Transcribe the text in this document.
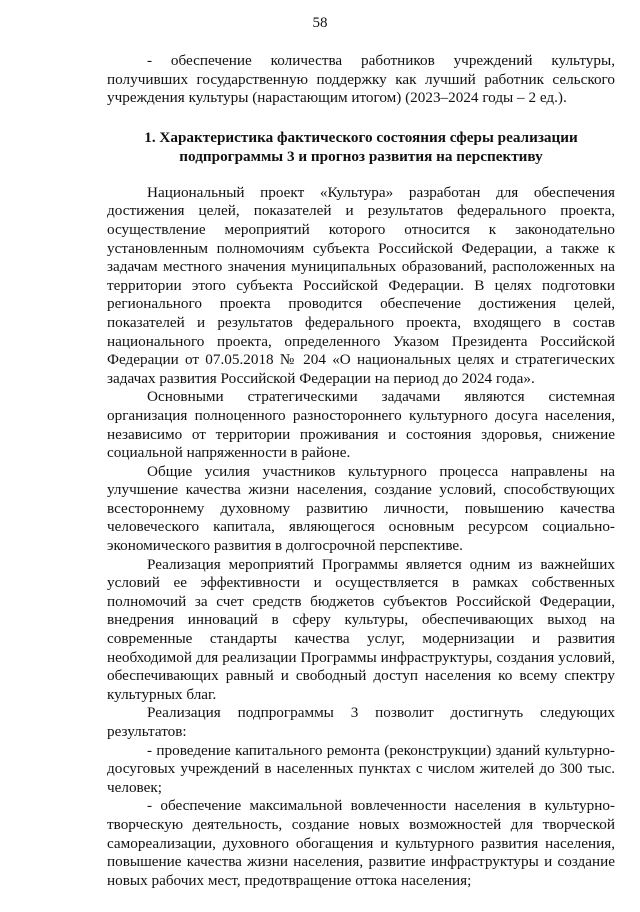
58

- обеспечение количества работников учреждений культуры, получивших государственную поддержку как лучший работник сельского учреждения культуры (нарастающим итогом) (2023–2024 годы – 2 ед.).

1. Характеристика фактического состояния сферы реализации
подпрограммы 3 и прогноз развития на перспективу

Национальный проект «Культура» разработан для обеспечения достижения целей, показателей и результатов федерального проекта, осуществление мероприятий которого относится к законодательно установленным полномочиям субъекта Российской Федерации, а также к задачам местного значения муниципальных образований, расположенных на территории этого субъекта Российской Федерации. В целях подготовки регионального проекта проводится обеспечение достижения целей, показателей и результатов федерального проекта, входящего в состав национального проекта, определенного Указом Президента Российской Федерации от 07.05.2018 № 204 «О национальных целях и стратегических задачах развития Российской Федерации на период до 2024 года».

Основными стратегическими задачами являются системная организация полноценного разностороннего культурного досуга населения, независимо от территории проживания и состояния здоровья, снижение социальной напряженности в районе.

Общие усилия участников культурного процесса направлены на улучшение качества жизни населения, создание условий, способствующих всестороннему духовному развитию личности, повышению качества человеческого капитала, являющегося основным ресурсом социально-экономического развития в долгосрочной перспективе.

Реализация мероприятий Программы является одним из важнейших условий ее эффективности и осуществляется в рамках собственных полномочий за счет средств бюджетов субъектов Российской Федерации, внедрения инноваций в сферу культуры, обеспечивающих выход на современные стандарты качества услуг, модернизации и развития необходимой для реализации Программы инфраструктуры, создания условий, обеспечивающих равный и свободный доступ населения ко всему спектру культурных благ.

Реализация подпрограммы 3 позволит достигнуть следующих результатов:

- проведение капитального ремонта (реконструкции) зданий культурно-досуговых учреждений в населенных пунктах с числом жителей до 300 тыс. человек;

- обеспечение максимальной вовлеченности населения в культурно-творческую деятельность, создание новых возможностей для творческой самореализации, духовного обогащения и культурного развития населения, повышение качества жизни населения, развитие инфраструктуры и создание новых рабочих мест, предотвращение оттока населения;
